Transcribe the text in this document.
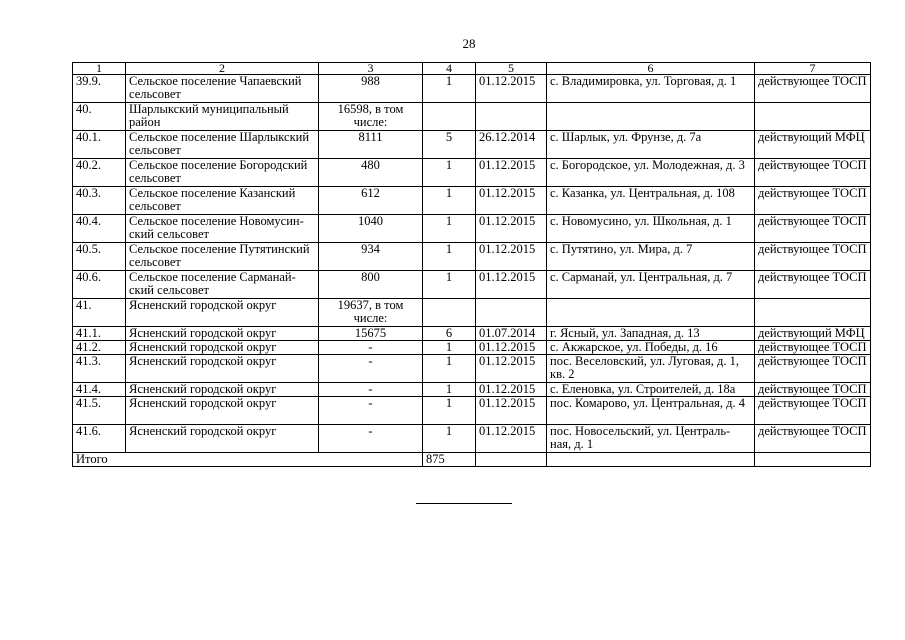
28
1	2	3	4	5	6	7
39.9.	Сельское поселение Чапаевский сельсовет	988	1	01.12.2015	с. Владимировка, ул. Торговая, д. 1	действующее ТОСП
40.	Шарлыкский муниципальный район	16598, в том числе:				
40.1.	Сельское поселение Шарлыкский сельсовет	8111	5	26.12.2014	с. Шарлык, ул. Фрунзе, д. 7а	действующий МФЦ
40.2.	Сельское поселение Богородский сельсовет	480	1	01.12.2015	с. Богородское, ул. Молодежная, д. 3	действующее ТОСП
40.3.	Сельское поселение Казанский сельсовет	612	1	01.12.2015	с. Казанка, ул. Центральная, д. 108	действующее ТОСП
40.4.	Сельское поселение Новомусин-ский сельсовет	1040	1	01.12.2015	с. Новомусино, ул. Школьная, д. 1	действующее ТОСП
40.5.	Сельское поселение Путятинский сельсовет	934	1	01.12.2015	с. Путятино, ул. Мира, д. 7	действующее ТОСП
40.6.	Сельское поселение Сарманай-ский сельсовет	800	1	01.12.2015	с. Сарманай, ул. Центральная, д. 7	действующее ТОСП
41.	Ясненский городской округ	19637, в том числе:				
41.1.	Ясненский городской округ	15675	6	01.07.2014	г. Ясный, ул. Западная, д. 13	действующий МФЦ
41.2.	Ясненский городской округ	-	1	01.12.2015	с. Акжарское, ул. Победы, д. 16	действующее ТОСП
41.3.	Ясненский городской округ	-	1	01.12.2015	пос. Веселовский, ул. Луговая, д. 1, кв. 2	действующее ТОСП
41.4.	Ясненский городской округ	-	1	01.12.2015	с. Еленовка, ул. Строителей, д. 18а	действующее ТОСП
41.5.	Ясненский городской округ	-	1	01.12.2015	пос. Комарово, ул. Центральная, д. 4	действующее ТОСП
41.6.	Ясненский городской округ	-	1	01.12.2015	пос. Новосельский, ул. Централь-ная, д. 1	действующее ТОСП
Итого			875			
